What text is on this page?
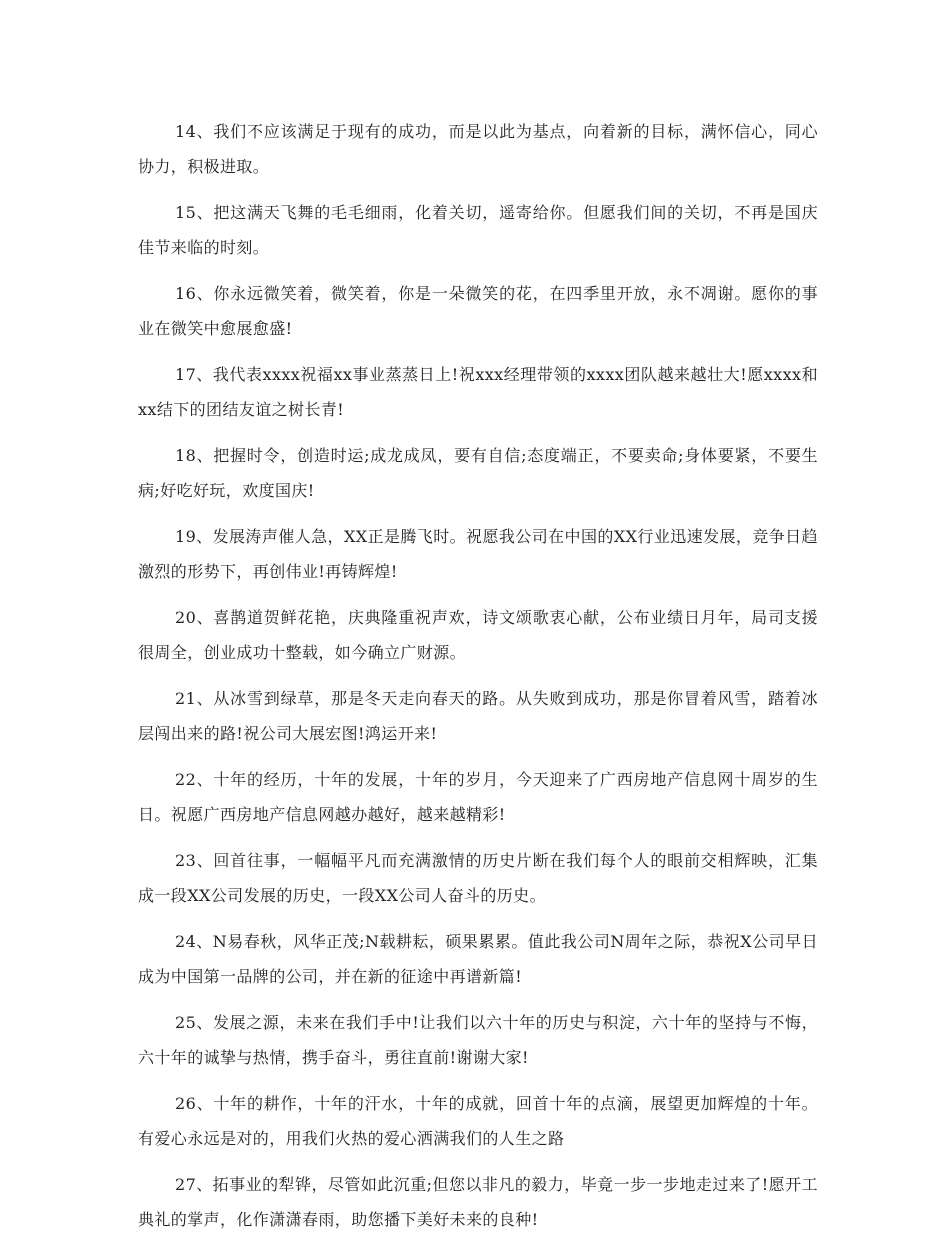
14、我们不应该满足于现有的成功，而是以此为基点，向着新的目标，满怀信心，同心协力，积极进取。

15、把这满天飞舞的毛毛细雨，化着关切，遥寄给你。但愿我们间的关切，不再是国庆佳节来临的时刻。

16、你永远微笑着，微笑着，你是一朵微笑的花，在四季里开放，永不凋谢。愿你的事业在微笑中愈展愈盛!

17、我代表xxxx祝福xx事业蒸蒸日上!祝xxx经理带领的xxxx团队越来越壮大!愿xxxx和xx结下的团结友谊之树长青!

18、把握时令，创造时运;成龙成凤，要有自信;态度端正，不要卖命;身体要紧，不要生病;好吃好玩，欢度国庆!

19、发展涛声催人急，XX正是腾飞时。祝愿我公司在中国的XX行业迅速发展，竞争日趋激烈的形势下，再创伟业!再铸辉煌!

20、喜鹊道贺鲜花艳，庆典隆重祝声欢，诗文颂歌衷心献，公布业绩日月年，局司支援很周全，创业成功十整载，如今确立广财源。

21、从冰雪到绿草，那是冬天走向春天的路。从失败到成功，那是你冒着风雪，踏着冰层闯出来的路!祝公司大展宏图!鸿运开来!

22、十年的经历，十年的发展，十年的岁月，今天迎来了广西房地产信息网十周岁的生日。祝愿广西房地产信息网越办越好，越来越精彩!

23、回首往事，一幅幅平凡而充满激情的历史片断在我们每个人的眼前交相辉映，汇集成一段XX公司发展的历史，一段XX公司人奋斗的历史。

24、N易春秋，风华正茂;N载耕耘，硕果累累。值此我公司N周年之际，恭祝X公司早日成为中国第一品牌的公司，并在新的征途中再谱新篇!

25、发展之源，未来在我们手中!让我们以六十年的历史与积淀，六十年的坚持与不悔，六十年的诚挚与热情，携手奋斗，勇往直前!谢谢大家!

26、十年的耕作，十年的汗水，十年的成就，回首十年的点滴，展望更加辉煌的十年。有爱心永远是对的，用我们火热的爱心洒满我们的人生之路

27、拓事业的犁铧，尽管如此沉重;但您以非凡的毅力，毕竟一步一步地走过来了!愿开工典礼的掌声，化作潇潇春雨，助您播下美好未来的良种!
